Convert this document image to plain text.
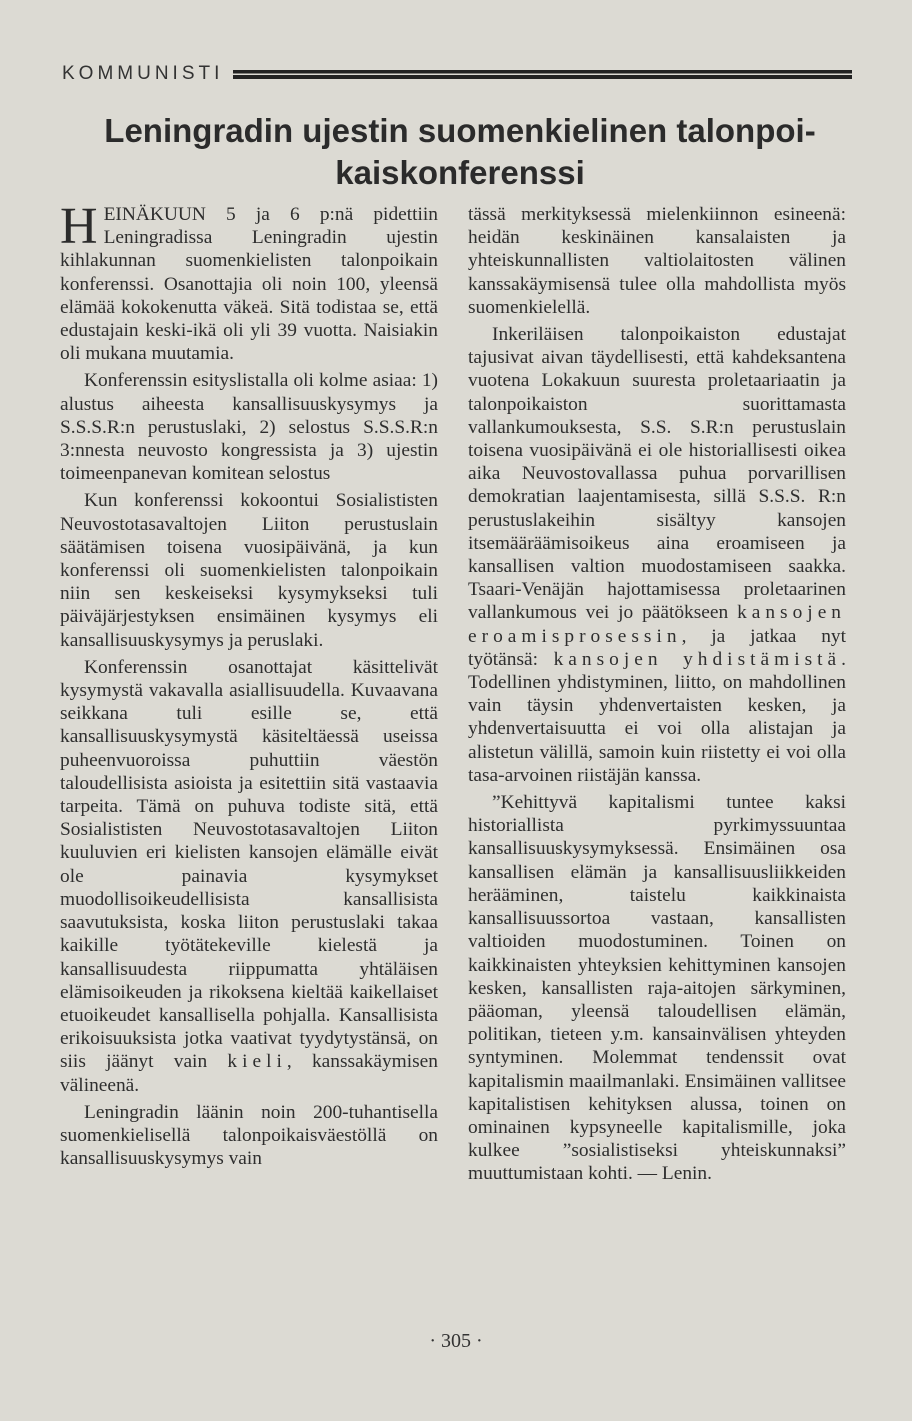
KOMMUNISTI
Leningradin ujestin suomenkielinen talonpoi-
kaiskonferenssi

HEINÄKUUN 5 ja 6 p:nä pidettiin Leningradissa Leningradin ujestin kihlakunnan suomenkielisten talonpoikain konferenssi. Osanottajia oli noin 100, yleensä elämää kokokenutta väkeä. Sitä todistaa se, että edustajain keski-ikä oli yli 39 vuotta. Naisiakin oli mukana muutamia.

Konferenssin esityslistalla oli kolme asiaa: 1) alustus aiheesta kansallisuuskysymys ja S.S.S.R:n perustuslaki, 2) selostus S.S.S.R:n 3:nnesta neuvosto kongressista ja 3) ujestin toimeenpanevan komitean selostus

Kun konferenssi kokoontui Sosialististen Neuvostotasavaltojen Liiton perustuslain säätämisen toisena vuosipäivänä, ja kun konferenssi oli suomenkielisten talonpoikain niin sen keskeiseksi kysymykseksi tuli päiväjärjestyksen ensimäinen kysymys eli kansallisuuskysymys ja peruslaki.

Konferenssin osanottajat käsittelivät kysymystä vakavalla asiallisuudella. Kuvaavana seikkana tuli esille se, että kansallisuuskysymystä käsiteltäessä useissa puheenvuoroissa puhuttiin väestön taloudellisista asioista ja esitettiin sitä vastaavia tarpeita. Tämä on puhuva todiste sitä, että Sosialististen Neuvostotasavaltojen Liiton kuuluvien eri kielisten kansojen elämälle eivät ole painavia kysymykset muodollisoikeudellisista kansallisista saavutuksista, koska liiton perustuslaki takaa kaikille työtätekeville kielestä ja kansallisuudesta riippumatta yhtäläisen elämisoikeuden ja rikoksena kieltää kaikellaiset etuoikeudet kansallisella pohjalla. Kansallisista erikoisuuksista jotka vaativat tyydytystänsä, on siis jäänyt vain kieli, kanssakäymisen välineenä.

Leningradin läänin noin 200-tuhantisella suomenkielisellä talonpoikaisväestöllä on kansallisuuskysymys vain

tässä merkityksessä mielenkiinnon esineenä: heidän keskinäinen kansalaisten ja yhteiskunnallisten valtiolaitosten välinen kanssakäymisensä tulee olla mahdollista myös suomenkielellä.

Inkeriläisen talonpoikaiston edustajat tajusivat aivan täydellisesti, että kahdeksantena vuotena Lokakuun suuresta proletaariaatin ja talonpoikaiston suorittamasta vallankumouksesta, S.S. S.R:n perustuslain toisena vuosipäivänä ei ole historiallisesti oikea aika Neuvostovallassa puhua porvarillisen demokratian laajentamisesta, sillä S.S.S. R:n perustuslakeihin sisältyy kansojen itsemääräämisoikeus aina eroamiseen ja kansallisen valtion muodostamiseen saakka. Tsaari-Venäjän hajottamisessa proletaarinen vallankumous vei jo päätökseen kansojen eroamisprosessin, ja jatkaa nyt työtänsä: kansojen yhdistämistä. Todellinen yhdistyminen, liitto, on mahdollinen vain täysin yhdenvertaisten kesken, ja yhdenvertaisuutta ei voi olla alistajan ja alistetun välillä, samoin kuin riistetty ei voi olla tasa-arvoinen riistäjän kanssa.

”Kehittyvä kapitalismi tuntee kaksi historiallista pyrkimyssuuntaa kansallisuuskysymyksessä. Ensimäinen osa kansallisen elämän ja kansallisuusliikkeiden herääminen, taistelu kaikkinaista kansallisuussortoa vastaan, kansallisten valtioiden muodostuminen. Toinen on kaikkinaisten yhteyksien kehittyminen kansojen kesken, kansallisten raja-aitojen särkyminen, pääoman, yleensä taloudellisen elämän, politikan, tieteen y.m. kansainvälisen yhteyden syntyminen. Molemmat tendenssit ovat kapitalismin maailmanlaki. Ensimäinen vallitsee kapitalistisen kehityksen alussa, toinen on ominainen kypsyneelle kapitalismille, joka kulkee ”sosialistiseksi yhteiskunnaksi” muuttumistaan kohti. — Lenin.

· 305 ·
